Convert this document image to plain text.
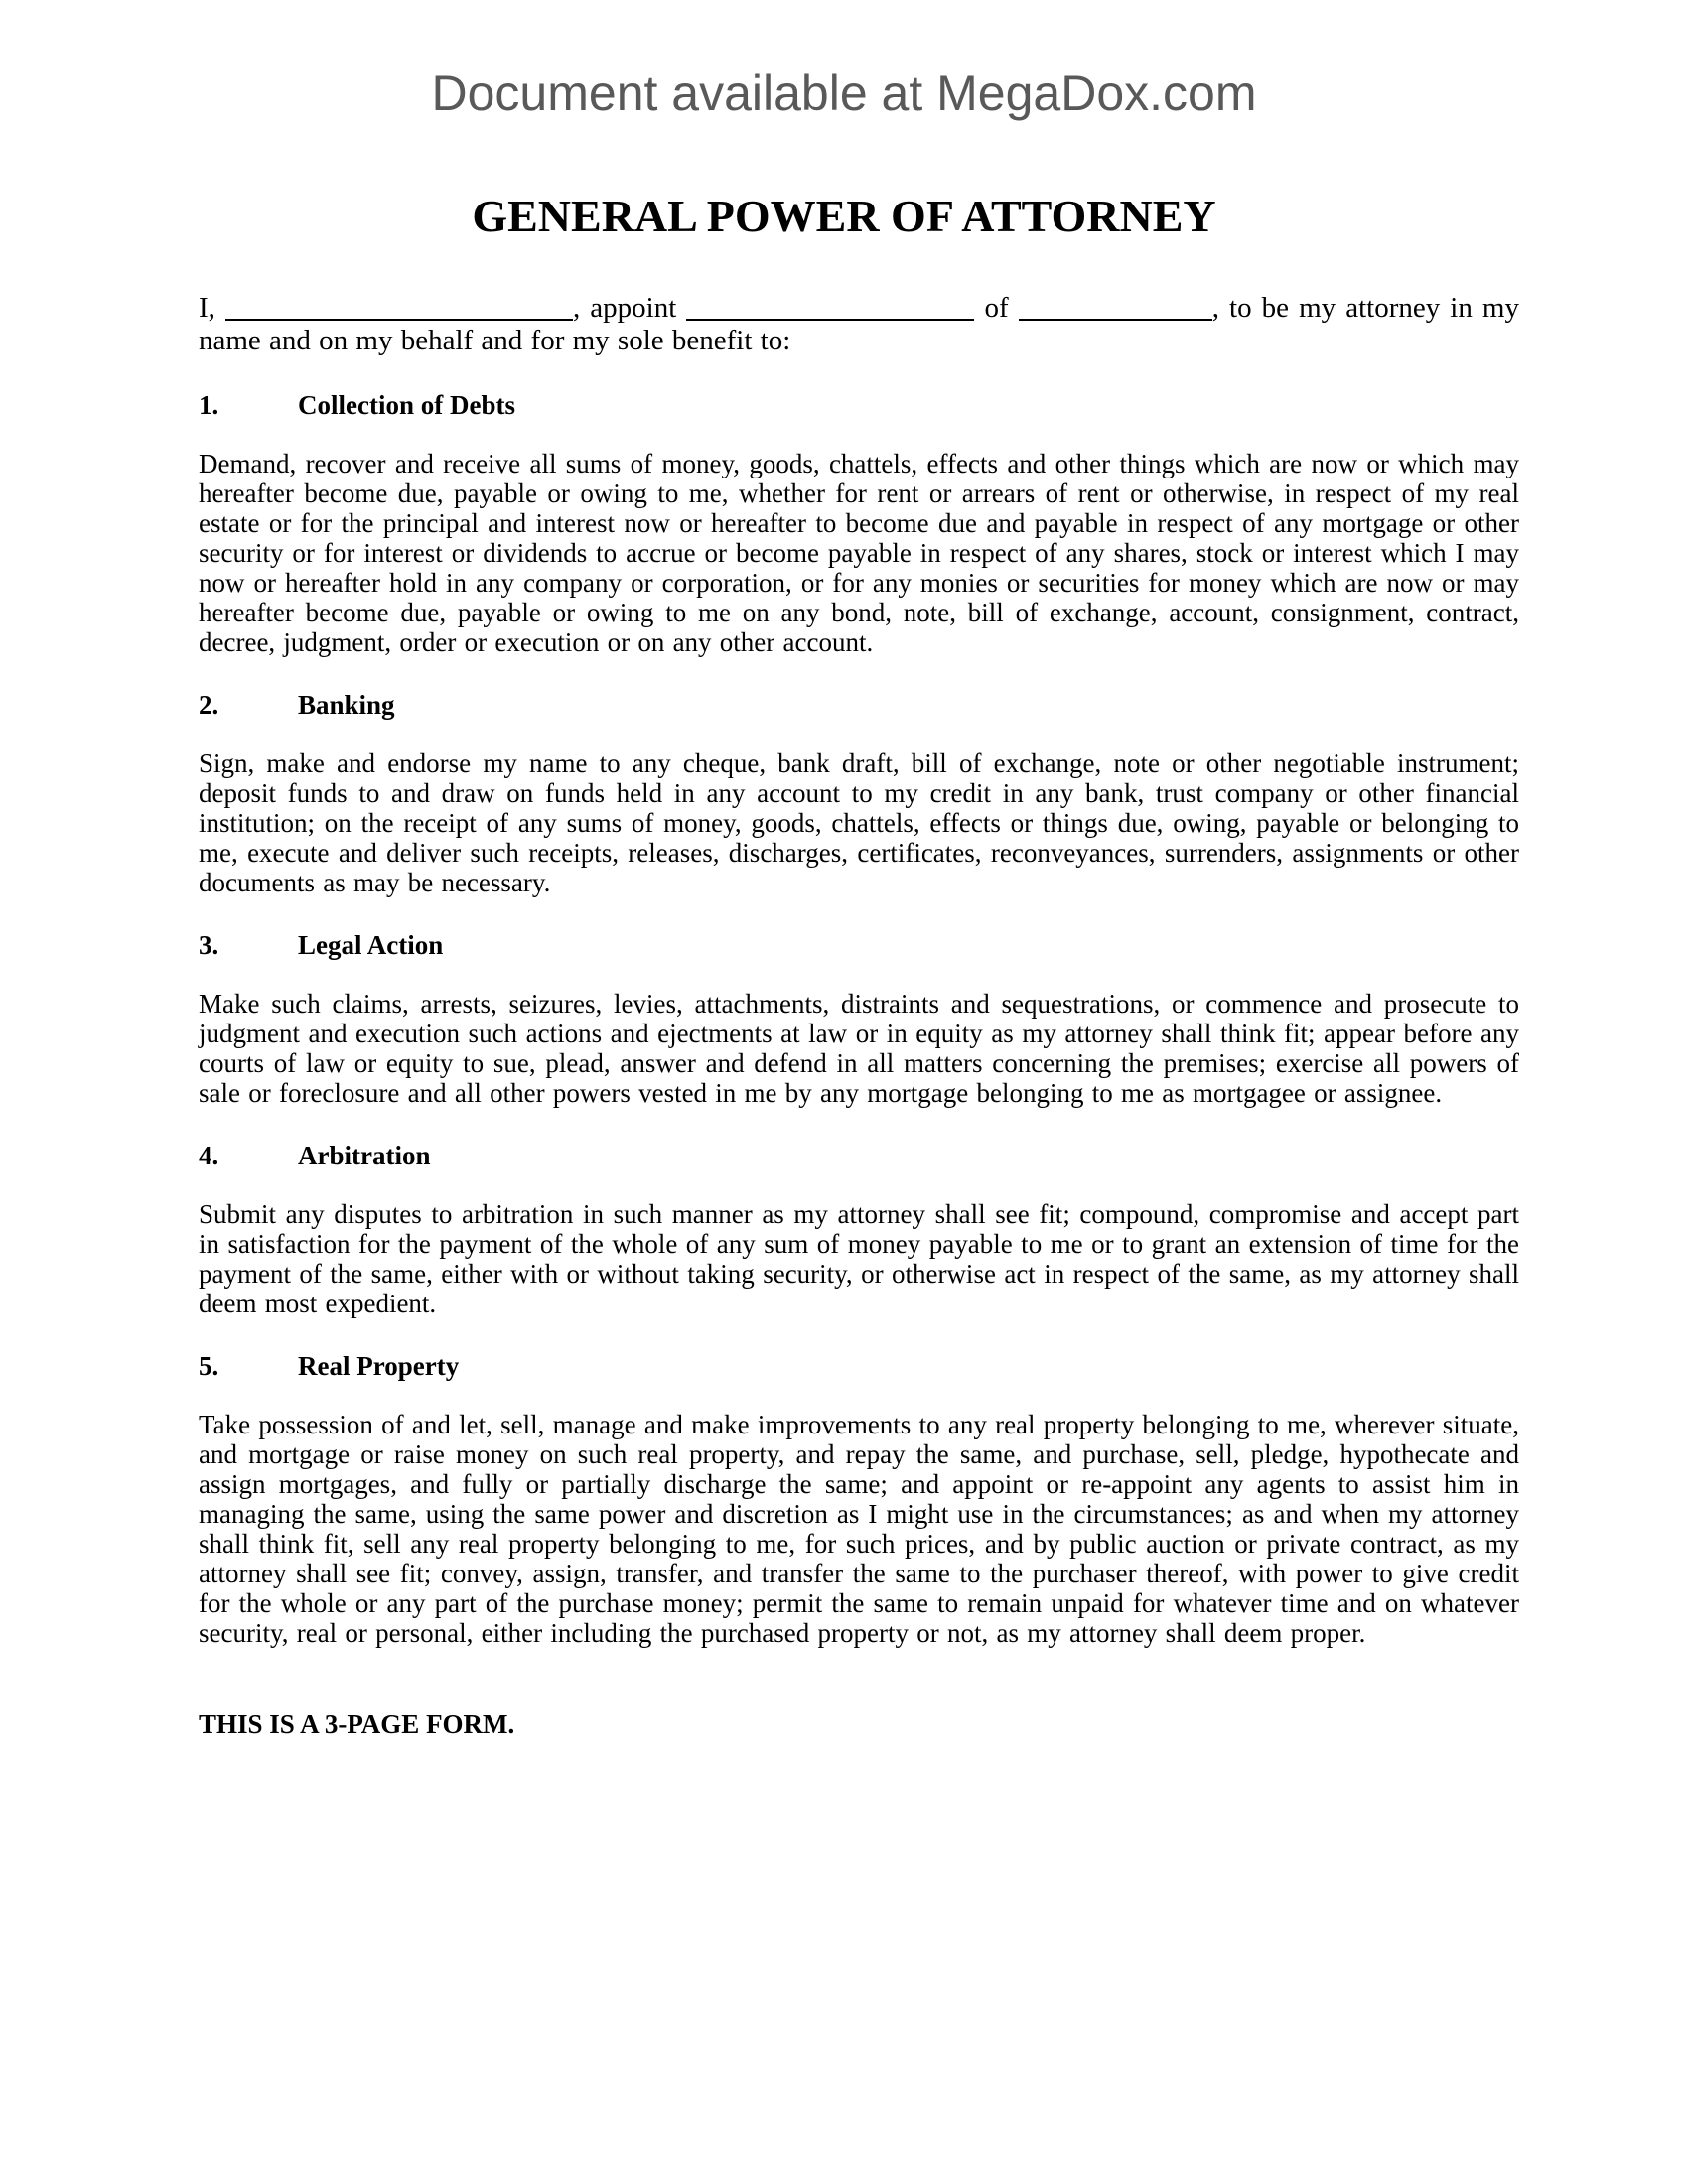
Document available at MegaDox.com
GENERAL POWER OF ATTORNEY

I,	, appoint	of	, to be my attorney in my name and on my behalf and for my sole benefit to:

1.	Collection of Debts

Demand, recover and receive all sums of money, goods, chattels, effects and other things which are now or which may hereafter become due, payable or owing to me, whether for rent or arrears of rent or otherwise, in respect of my real estate or for the principal and interest now or hereafter to become due and payable in respect of any mortgage or other security or for interest or dividends to accrue or become payable in respect of any shares, stock or interest which I may now or hereafter hold in any company or corporation, or for any monies or securities for money which are now or may hereafter become due, payable or owing to me on any bond, note, bill of exchange, account, consignment, contract, decree, judgment, order or execution or on any other account.

2.	Banking

Sign, make and endorse my name to any cheque, bank draft, bill of exchange, note or other negotiable instrument; deposit funds to and draw on funds held in any account to my credit in any bank, trust company or other financial institution; on the receipt of any sums of money, goods, chattels, effects or things due, owing, payable or belonging to me, execute and deliver such receipts, releases, discharges, certificates, reconveyances, surrenders, assignments or other documents as may be necessary.

3.	Legal Action

Make such claims, arrests, seizures, levies, attachments, distraints and sequestrations, or commence and prosecute to judgment and execution such actions and ejectments at law or in equity as my attorney shall think fit; appear before any courts of law or equity to sue, plead, answer and defend in all matters concerning the premises; exercise all powers of sale or foreclosure and all other powers vested in me by any mortgage belonging to me as mortgagee or assignee.

4.	Arbitration

Submit any disputes to arbitration in such manner as my attorney shall see fit; compound, compromise and accept part in satisfaction for the payment of the whole of any sum of money payable to me or to grant an extension of time for the payment of the same, either with or without taking security, or otherwise act in respect of the same, as my attorney shall deem most expedient.

5.	Real Property

Take possession of and let, sell, manage and make improvements to any real property belonging to me, wherever situate, and mortgage or raise money on such real property, and repay the same, and purchase, sell, pledge, hypothecate and assign mortgages, and fully or partially discharge the same; and appoint or re-appoint any agents to assist him in managing the same, using the same power and discretion as I might use in the circumstances; as and when my attorney shall think fit, sell any real property belonging to me, for such prices, and by public auction or private contract, as my attorney shall see fit; convey, assign, transfer, and transfer the same to the purchaser thereof, with power to give credit for the whole or any part of the purchase money; permit the same to remain unpaid for whatever time and on whatever security, real or personal, either including the purchased property or not, as my attorney shall deem proper.

THIS IS A 3-PAGE FORM.
